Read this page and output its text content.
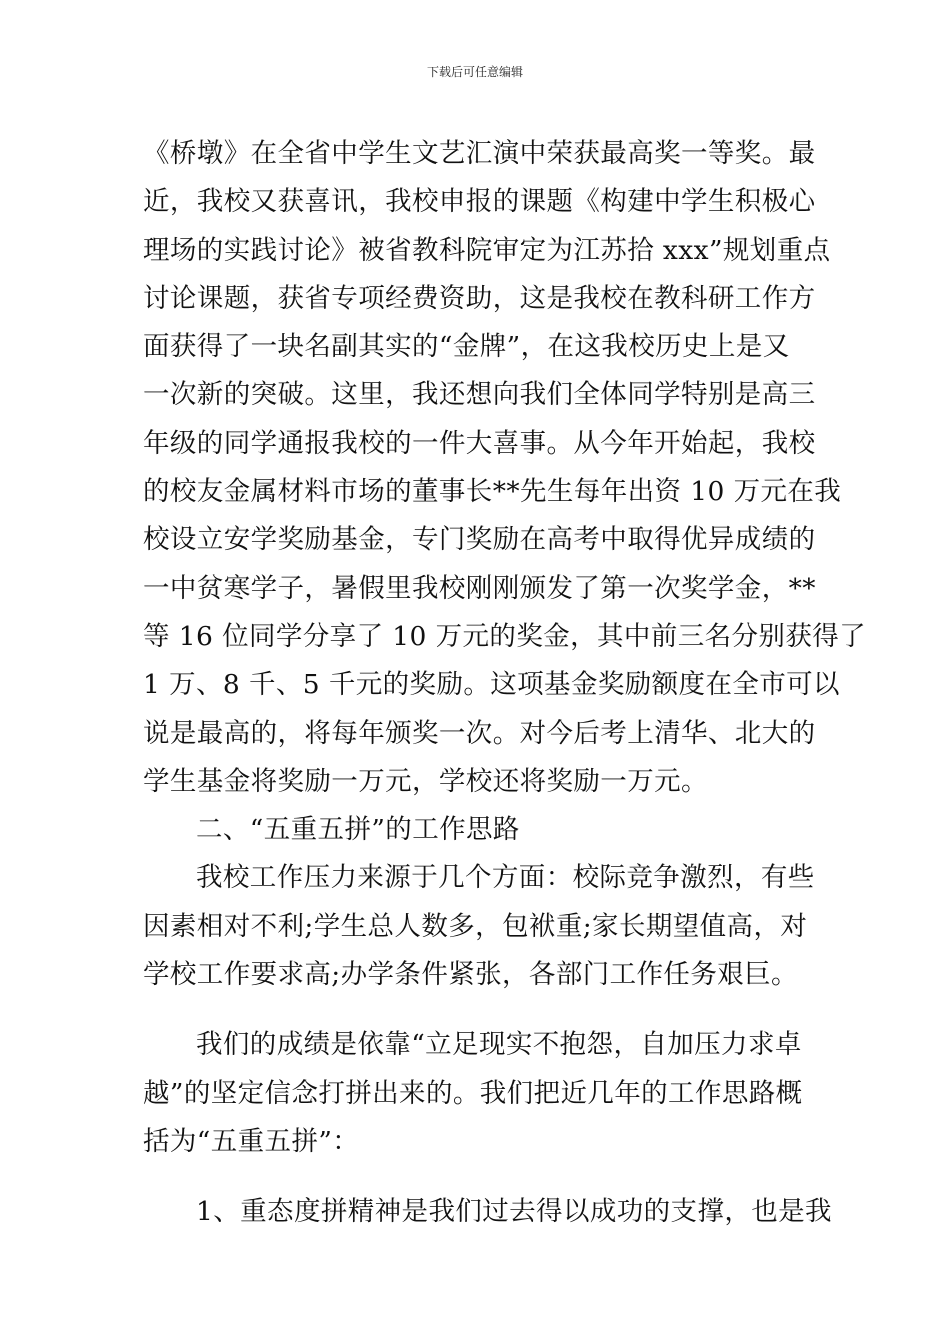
下载后可任意编辑
《桥墩》在全省中学生文艺汇演中荣获最高奖一等奖。最
近，我校又获喜讯，我校申报的课题《构建中学生积极心
理场的实践讨论》被省教科院审定为江苏拾 xxx”规划重点
讨论课题，获省专项经费资助，这是我校在教科研工作方
面获得了一块名副其实的“金牌”，在这我校历史上是又
一次新的突破。这里，我还想向我们全体同学特别是高三
年级的同学通报我校的一件大喜事。从今年开始起，我校
的校友金属材料市场的董事长**先生每年出资 10 万元在我
校设立安学奖励基金，专门奖励在高考中取得优异成绩的
一中贫寒学子，暑假里我校刚刚颁发了第一次奖学金，**
等 16 位同学分享了 10 万元的奖金，其中前三名分别获得了
1 万、8 千、5 千元的奖励。这项基金奖励额度在全市可以
说是最高的，将每年颁奖一次。对今后考上清华、北大的
学生基金将奖励一万元，学校还将奖励一万元。
二、“五重五拼”的工作思路
我校工作压力来源于几个方面：校际竞争激烈，有些
因素相对不利;学生总人数多，包袱重;家长期望值高，对
学校工作要求高;办学条件紧张，各部门工作任务艰巨。
我们的成绩是依靠“立足现实不抱怨，自加压力求卓
越”的坚定信念打拼出来的。我们把近几年的工作思路概
括为“五重五拼”：
1、重态度拼精神是我们过去得以成功的支撑，也是我
